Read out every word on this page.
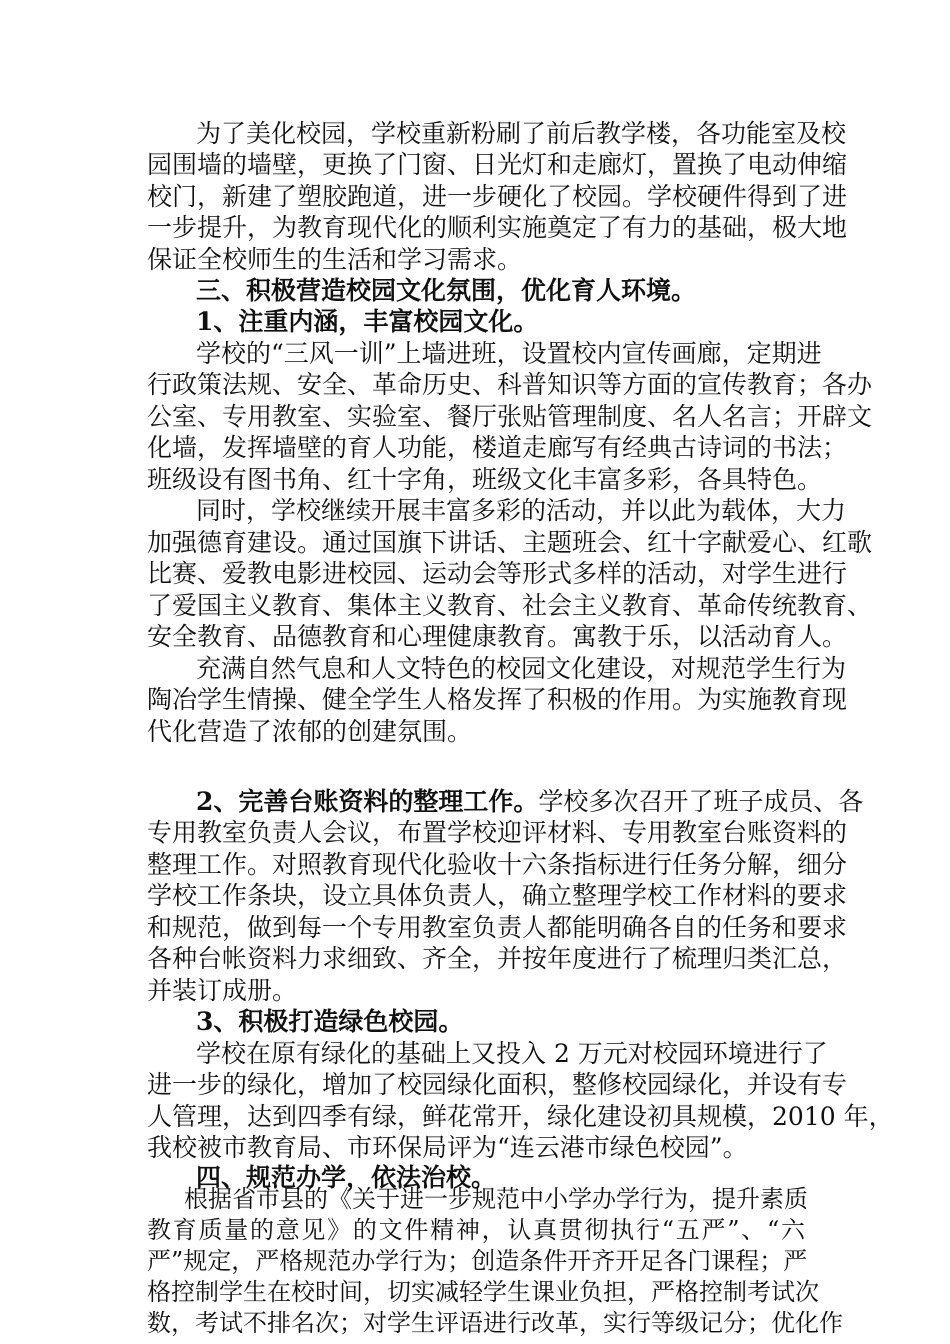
为了美化校园，学校重新粉刷了前后教学楼，各功能室及校
园围墙的墙壁，更换了门窗、日光灯和走廊灯，置换了电动伸缩
校门，新建了塑胶跑道，进一步硬化了校园。学校硬件得到了进
一步提升，为教育现代化的顺利实施奠定了有力的基础，极大地
保证全校师生的生活和学习需求。
三、积极营造校园文化氛围，优化育人环境。
1、注重内涵，丰富校园文化。
学校的“三风一训”上墙进班，设置校内宣传画廊，定期进
行政策法规、安全、革命历史、科普知识等方面的宣传教育；各办
公室、专用教室、实验室、餐厅张贴管理制度、名人名言；开辟文
化墙，发挥墙壁的育人功能，楼道走廊写有经典古诗词的书法；
班级设有图书角、红十字角，班级文化丰富多彩，各具特色。
同时，学校继续开展丰富多彩的活动，并以此为载体，大力
加强德育建设。通过国旗下讲话、主题班会、红十字献爱心、红歌
比赛、爱教电影进校园、运动会等形式多样的活动，对学生进行
了爱国主义教育、集体主义教育、社会主义教育、革命传统教育、
安全教育、品德教育和心理健康教育。寓教于乐，以活动育人。
充满自然气息和人文特色的校园文化建设，对规范学生行为
陶冶学生情操、健全学生人格发挥了积极的作用。为实施教育现
代化营造了浓郁的创建氛围。
2、完善台账资料的整理工作。学校多次召开了班子成员、各
专用教室负责人会议，布置学校迎评材料、专用教室台账资料的
整理工作。对照教育现代化验收十六条指标进行任务分解，细分
学校工作条块，设立具体负责人，确立整理学校工作材料的要求
和规范，做到每一个专用教室负责人都能明确各自的任务和要求
各种台帐资料力求细致、齐全，并按年度进行了梳理归类汇总，
并装订成册。
3、积极打造绿色校园。
学校在原有绿化的基础上又投入 2 万元对校园环境进行了
进一步的绿化，增加了校园绿化面积，整修校园绿化，并设有专
人管理，达到四季有绿，鲜花常开，绿化建设初具规模，2010 年，
我校被市教育局、市环保局评为“连云港市绿色校园”。
四、规范办学，依法治校。
根据省市县的《关于进一步规范中小学办学行为，提升素质
教育质量的意见》的文件精神，认真贯彻执行“五严”、“六
严”规定，严格规范办学行为；创造条件开齐开足各门课程；严
格控制学生在校时间，切实减轻学生课业负担，严格控制考试次
数，考试不排名次；对学生评语进行改革，实行等级记分；优化作
